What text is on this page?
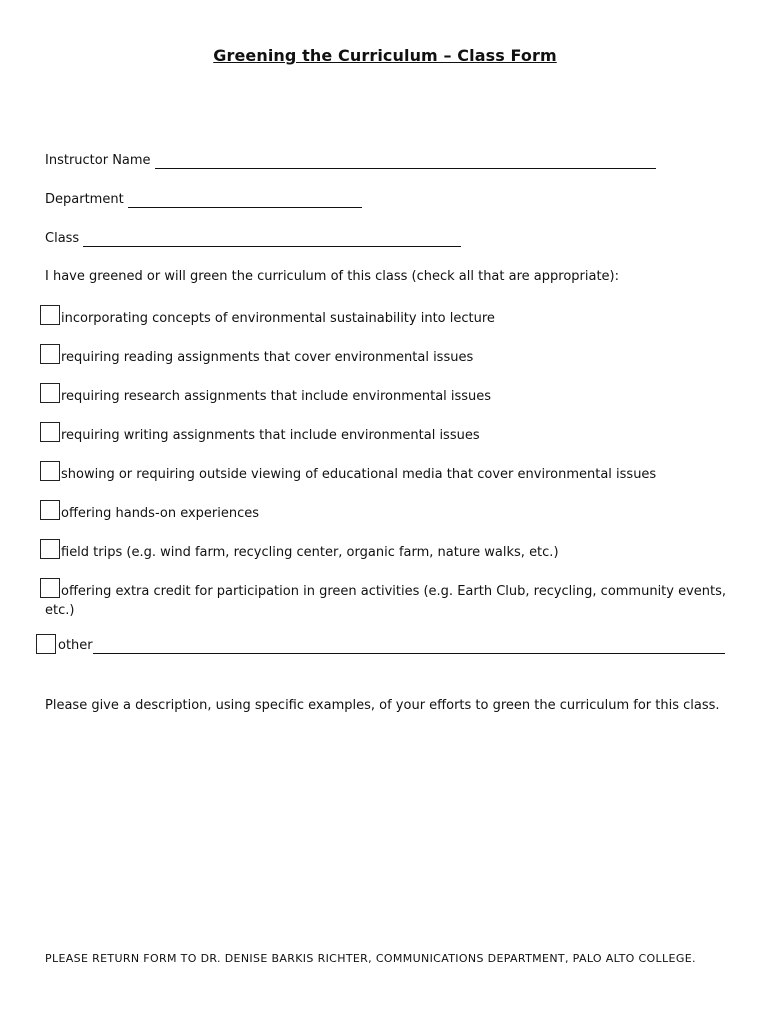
Greening the Curriculum – Class Form
Instructor Name
Department
Class
I have greened or will green the curriculum of this class (check all that are appropriate):
incorporating concepts of environmental sustainability into lecture
requiring reading assignments that cover environmental issues
requiring research assignments that include environmental issues
requiring writing assignments that include environmental issues
showing or requiring outside viewing of educational media that cover environmental issues
offering hands-on experiences
field trips (e.g. wind farm, recycling center, organic farm, nature walks, etc.)
offering extra credit for participation in green activities (e.g. Earth Club, recycling, community events,
etc.)
other
Please give a description, using specific examples, of your efforts to green the curriculum for this class.
PLEASE RETURN FORM TO DR. DENISE BARKIS RICHTER, COMMUNICATIONS DEPARTMENT, PALO ALTO COLLEGE.
